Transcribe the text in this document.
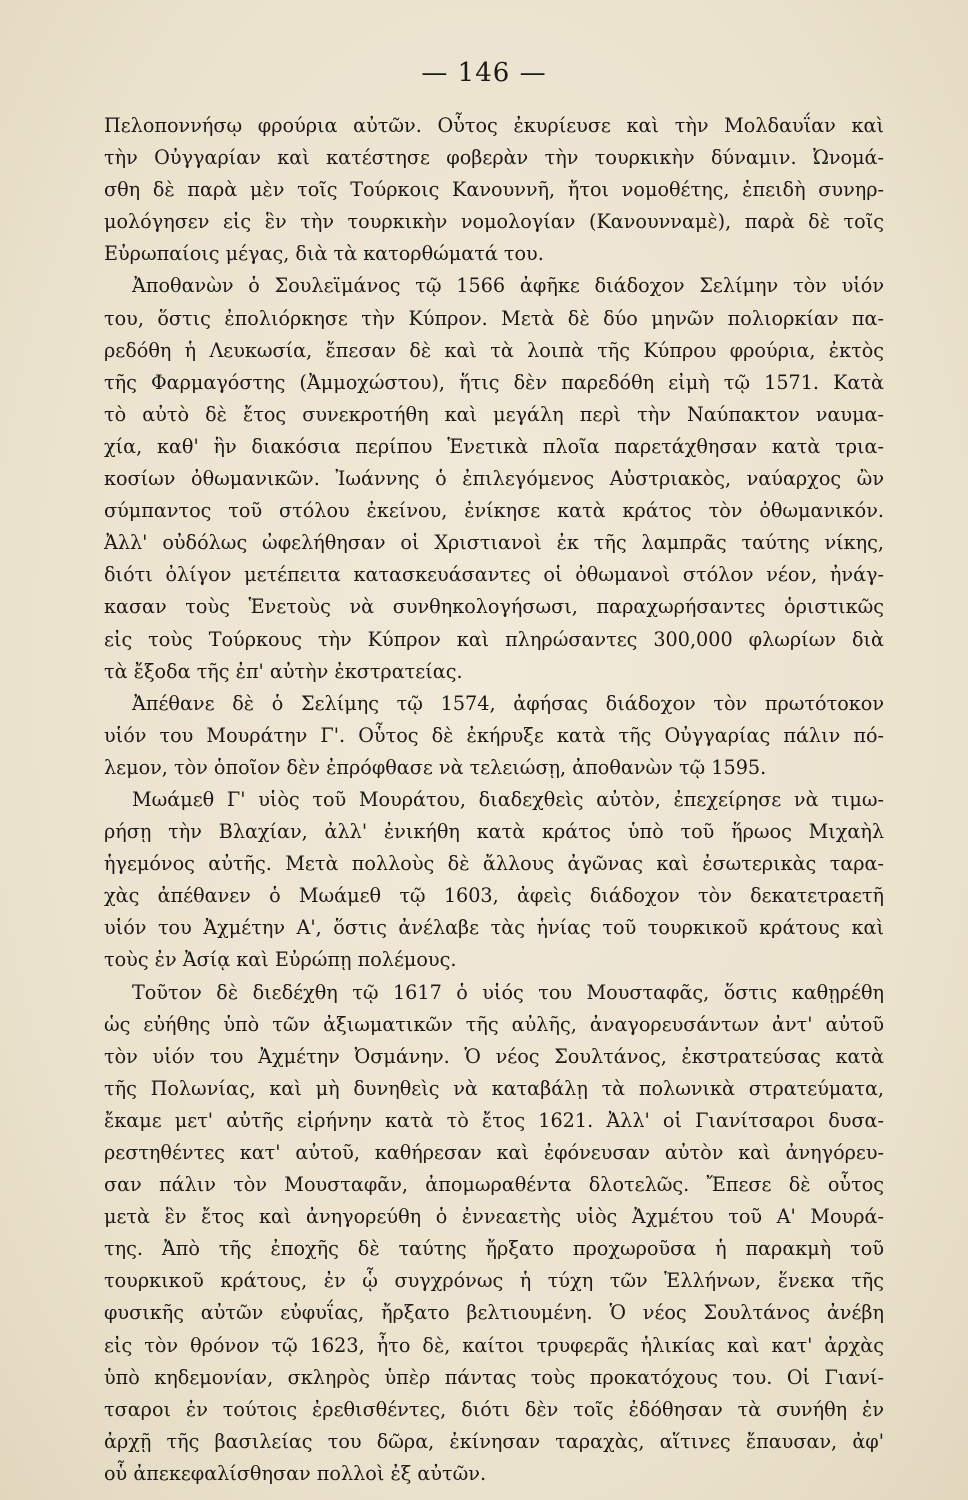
— 146 —
Πελοποννήσῳ φρούρια αὐτῶν. Οὗτος ἐκυρίευσε καὶ τὴν Μολδαυΐαν καὶ
τὴν Οὐγγαρίαν καὶ κατέστησε φοβερὰν τὴν τουρκικὴν δύναμιν. Ὠνομά-
σθη δὲ παρὰ μὲν τοῖς Τούρκοις Κανουννῆ, ἤτοι νομοθέτης, ἐπειδὴ συνηρ-
μολόγησεν εἰς ἓν τὴν τουρκικὴν νομολογίαν (Κανουνναμὲ), παρὰ δὲ τοῖς
Εὐρωπαίοις μέγας, διὰ τὰ κατορθώματά του.
Ἀποθανὼν ὁ Σουλεϊμάνος τῷ 1566 ἀφῆκε διάδοχον Σελίμην τὸν υἱόν
του, ὅστις ἐπολιόρκησε τὴν Κύπρον. Μετὰ δὲ δύο μηνῶν πολιορκίαν πα-
ρεδόθη ἡ Λευκωσία, ἔπεσαν δὲ καὶ τὰ λοιπὰ τῆς Κύπρου φρούρια, ἐκτὸς
τῆς Φαρμαγόστης (Ἀμμοχώστου), ἥτις δὲν παρεδόθη εἰμὴ τῷ 1571. Κατὰ
τὸ αὐτὸ δὲ ἔτος συνεκροτήθη καὶ μεγάλη περὶ τὴν Ναύπακτον ναυμα-
χία, καθ' ἣν διακόσια περίπου Ἑνετικὰ πλοῖα παρετάχθησαν κατὰ τρια-
κοσίων ὀθωμανικῶν. Ἰωάννης ὁ ἐπιλεγόμενος Αὐστριακὸς, ναύαρχος ὢν
σύμπαντος τοῦ στόλου ἐκείνου, ἐνίκησε κατὰ κράτος τὸν ὀθωμανικόν.
Ἀλλ' οὐδόλως ὠφελήθησαν οἱ Χριστιανοὶ ἐκ τῆς λαμπρᾶς ταύτης νίκης,
διότι ὀλίγον μετέπειτα κατασκευάσαντες οἱ ὀθωμανοὶ στόλον νέον, ἠνάγ-
κασαν τοὺς Ἑνετοὺς νὰ συνθηκολογήσωσι, παραχωρήσαντες ὁριστικῶς
εἰς τοὺς Τούρκους τὴν Κύπρον καὶ πληρώσαντες 300,000 φλωρίων διὰ
τὰ ἔξοδα τῆς ἐπ' αὐτὴν ἐκστρατείας.
Ἀπέθανε δὲ ὁ Σελίμης τῷ 1574, ἀφήσας διάδοχον τὸν πρωτότοκον
υἱόν του Μουράτην Γ'. Οὗτος δὲ ἐκήρυξε κατὰ τῆς Οὐγγαρίας πάλιν πό-
λεμον, τὸν ὁποῖον δὲν ἐπρόφθασε νὰ τελειώσῃ, ἀποθανὼν τῷ 1595.
Μωάμεθ Γ' υἱὸς τοῦ Μουράτου, διαδεχθεὶς αὐτὸν, ἐπεχείρησε νὰ τιμω-
ρήσῃ τὴν Βλαχίαν, ἀλλ' ἐνικήθη κατὰ κράτος ὑπὸ τοῦ ἥρωος Μιχαὴλ
ἡγεμόνος αὐτῆς. Μετὰ πολλοὺς δὲ ἄλλους ἀγῶνας καὶ ἐσωτερικὰς ταρα-
χὰς ἀπέθανεν ὁ Μωάμεθ τῷ 1603, ἀφεὶς διάδοχον τὸν δεκατετραετῆ
υἱόν του Ἀχμέτην Α', ὅστις ἀνέλαβε τὰς ἡνίας τοῦ τουρκικοῦ κράτους καὶ
τοὺς ἐν Ἀσίᾳ καὶ Εὐρώπῃ πολέμους.
Τοῦτον δὲ διεδέχθη τῷ 1617 ὁ υἱός του Μουσταφᾶς, ὅστις καθῃρέθη
ὡς εὐήθης ὑπὸ τῶν ἀξιωματικῶν τῆς αὐλῆς, ἀναγορευσάντων ἀντ' αὐτοῦ
τὸν υἱόν του Ἀχμέτην Ὀσμάνην. Ὁ νέος Σουλτάνος, ἐκστρατεύσας κατὰ
τῆς Πολωνίας, καὶ μὴ δυνηθεὶς νὰ καταβάλῃ τὰ πολωνικὰ στρατεύματα,
ἔκαμε μετ' αὐτῆς εἰρήνην κατὰ τὸ ἔτος 1621. Ἀλλ' οἱ Γιανίτσαροι δυσα-
ρεστηθέντες κατ' αὐτοῦ, καθήρεσαν καὶ ἐφόνευσαν αὐτὸν καὶ ἀνηγόρευ-
σαν πάλιν τὸν Μουσταφᾶν, ἀπομωραθέντα δλοτελῶς. Ἔπεσε δὲ οὗτος
μετὰ ἓν ἔτος καὶ ἀνηγορεύθη ὁ ἐννεαετὴς υἱὸς Ἀχμέτου τοῦ Α' Μουρά-
της. Ἀπὸ τῆς ἐποχῆς δὲ ταύτης ἤρξατο προχωροῦσα ἡ παρακμὴ τοῦ
τουρκικοῦ κράτους, ἐν ᾧ συγχρόνως ἡ τύχη τῶν Ἑλλήνων, ἕνεκα τῆς
φυσικῆς αὐτῶν εὐφυΐας, ἤρξατο βελτιουμένη. Ὁ νέος Σουλτάνος ἀνέβη
εἰς τὸν θρόνον τῷ 1623, ἦτο δὲ, καίτοι τρυφερᾶς ἡλικίας καὶ κατ' ἀρχὰς
ὑπὸ κηδεμονίαν, σκληρὸς ὑπὲρ πάντας τοὺς προκατόχους του. Οἱ Γιανί-
τσαροι ἐν τούτοις ἐρεθισθέντες, διότι δὲν τοῖς ἐδόθησαν τὰ συνήθη ἐν
ἀρχῇ τῆς βασιλείας του δῶρα, ἐκίνησαν ταραχὰς, αἵτινες ἔπαυσαν, ἀφ'
οὗ ἀπεκεφαλίσθησαν πολλοὶ ἐξ αὐτῶν.
